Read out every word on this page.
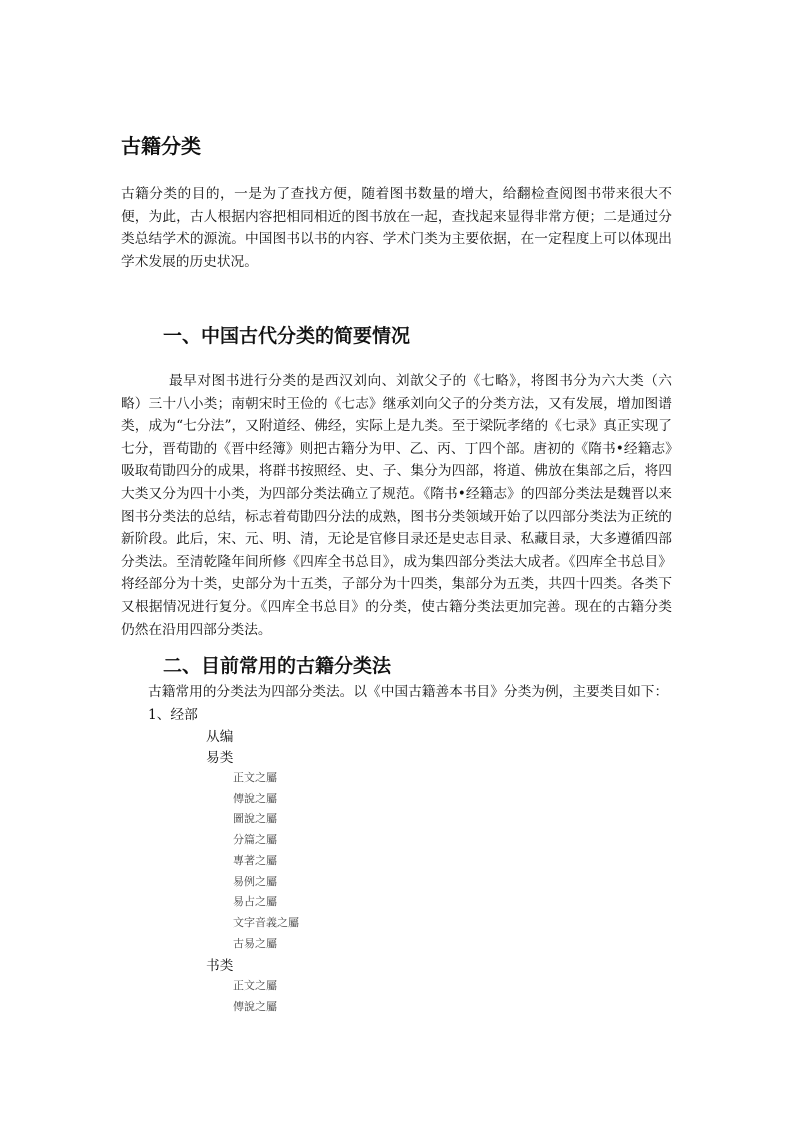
古籍分类

古籍分类的目的，一是为了查找方便，随着图书数量的增大，给翻检查阅图书带来很大不便，为此，古人根据内容把相同相近的图书放在一起，查找起来显得非常方便；二是通过分类总结学术的源流。中国图书以书的内容、学术门类为主要依据，在一定程度上可以体现出学术发展的历史状况。

一、中国古代分类的简要情况

最早对图书进行分类的是西汉刘向、刘歆父子的《七略》，将图书分为六大类（六略）三十八小类；南朝宋时王俭的《七志》继承刘向父子的分类方法，又有发展，增加图谱类，成为“七分法”，又附道经、佛经，实际上是九类。至于梁阮孝绪的《七录》真正实现了七分，晋荀勖的《晋中经簿》则把古籍分为甲、乙、丙、丁四个部。唐初的《隋书•经籍志》吸取荀勖四分的成果，将群书按照经、史、子、集分为四部，将道、佛放在集部之后，将四大类又分为四十小类，为四部分类法确立了规范。《隋书•经籍志》的四部分类法是魏晋以来图书分类法的总结，标志着荀勖四分法的成熟，图书分类领域开始了以四部分类法为正统的新阶段。此后，宋、元、明、清，无论是官修目录还是史志目录、私藏目录，大多遵循四部分类法。至清乾隆年间所修《四库全书总目》，成为集四部分类法大成者。《四库全书总目》将经部分为十类，史部分为十五类，子部分为十四类，集部分为五类，共四十四类。各类下又根据情况进行复分。《四库全书总目》的分类，使古籍分类法更加完善。现在的古籍分类仍然在沿用四部分类法。

二、目前常用的古籍分类法
古籍常用的分类法为四部分类法。以《中国古籍善本书目》分类为例，主要类目如下：
1、经部
从编
易类
正文之屬
傳說之屬
圖說之屬
分篇之屬
專著之屬
易例之屬
易占之屬
文字音義之屬
古易之屬
书类
正文之屬
傳說之屬
